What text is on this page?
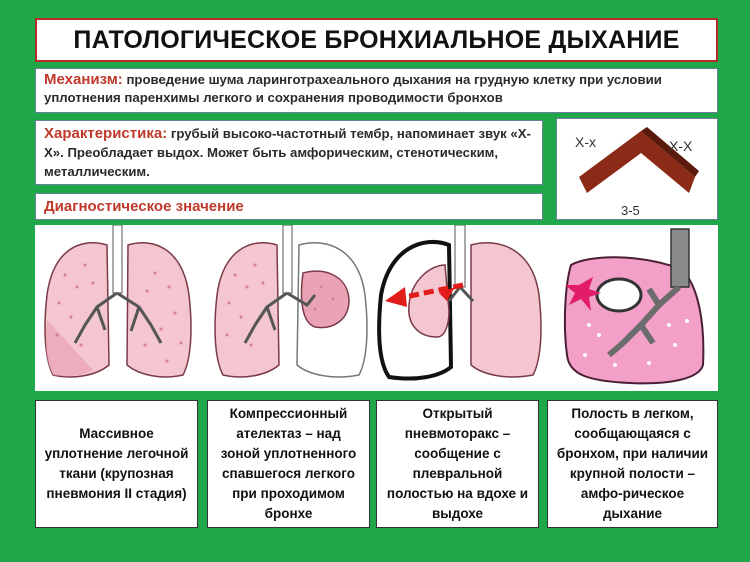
ПАТОЛОГИЧЕСКОЕ БРОНХИАЛЬНОЕ ДЫХАНИЕ
Механизм: проведение шума ларинготрахеального дыхания на грудную клетку при условии уплотнения паренхимы легкого и сохранения проводимости бронхов
Характеристика: грубый высоко-частотный тембр, напоминает звук «Х-Х». Преобладает выдох. Может быть амфорическим, стенотическим, металлическим.
Диагностическое значение
Х-х	Х-Х
3-5
Массивное уплотнение легочной ткани (крупозная пневмония II стадия)
Компрессионный ателектаз – над зоной уплотненного спавшегося легкого при проходимом бронхе
Открытый пневмоторакс – сообщение с плевральной полостью на вдохе и выдохе
Полость в легком, сообщающаяся с бронхом, при наличии крупной полости – амфо-рическое дыхание
